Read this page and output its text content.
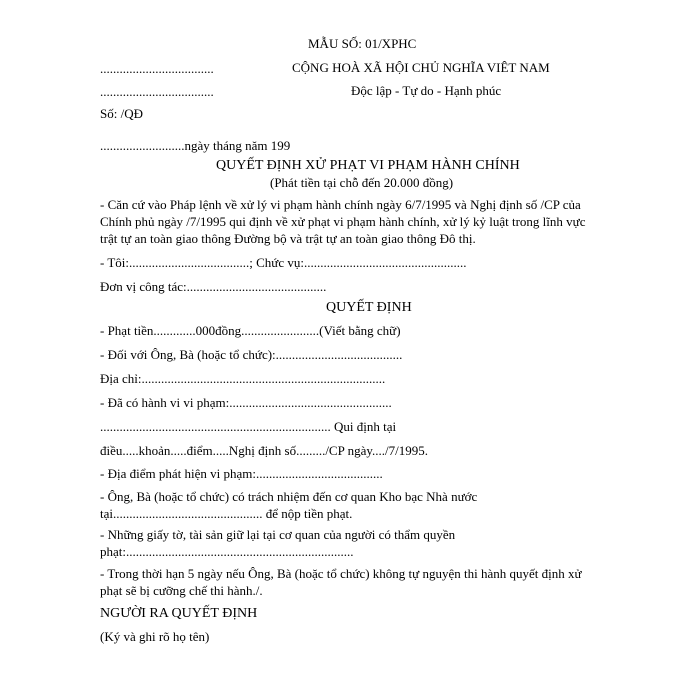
MẪU SỐ: 01/XPHC
...................................	CỘNG HOÀ XÃ HỘI CHỦ NGHĨA VIÊT NAM
...................................	Độc lập - Tự do - Hạnh phúc
Số: /QĐ
..........................ngày tháng năm 199
QUYẾT ĐỊNH XỬ PHẠT VI PHẠM HÀNH CHÍNH
(Phát tiền tại chỗ đến 20.000 đồng)
- Căn cứ vào Pháp lệnh về xử lý vi phạm hành chính ngày 6/7/1995 và Nghị định số /CP của
Chính phủ ngày /7/1995 qui định về xử phạt vi phạm hành chính, xử lý kỷ luật trong lĩnh vực
trật tự an toàn giao thông Đường bộ và trật tự an toàn giao thông Đô thị.
- Tôi:.....................................; Chức vụ:..................................................
Đơn vị công tác:...........................................
QUYẾT ĐỊNH
- Phạt tiền.............000đồng........................(Viết bằng chữ)
- Đối với Ông, Bà (hoặc tổ chức):.......................................
Địa chỉ:...........................................................................
- Đã có hành vi vi phạm:..................................................
....................................................................... Qui định tại
điều.....khoản.....điểm.....Nghị định số........./CP ngày..../7/1995.
- Địa điểm phát hiện vi phạm:.......................................
- Ông, Bà (hoặc tổ chức) có trách nhiệm đến cơ quan Kho bạc Nhà nước
tại.............................................. để nộp tiền phạt.
- Những giấy tờ, tài sản giữ lại tại cơ quan của người có thẩm quyền
phạt:......................................................................
- Trong thời hạn 5 ngày nếu Ông, Bà (hoặc tổ chức) không tự nguyện thi hành quyết định xử
phạt sẽ bị cưỡng chế thi hành./.
NGƯỜI RA QUYẾT ĐỊNH
(Ký và ghi rõ họ tên)
